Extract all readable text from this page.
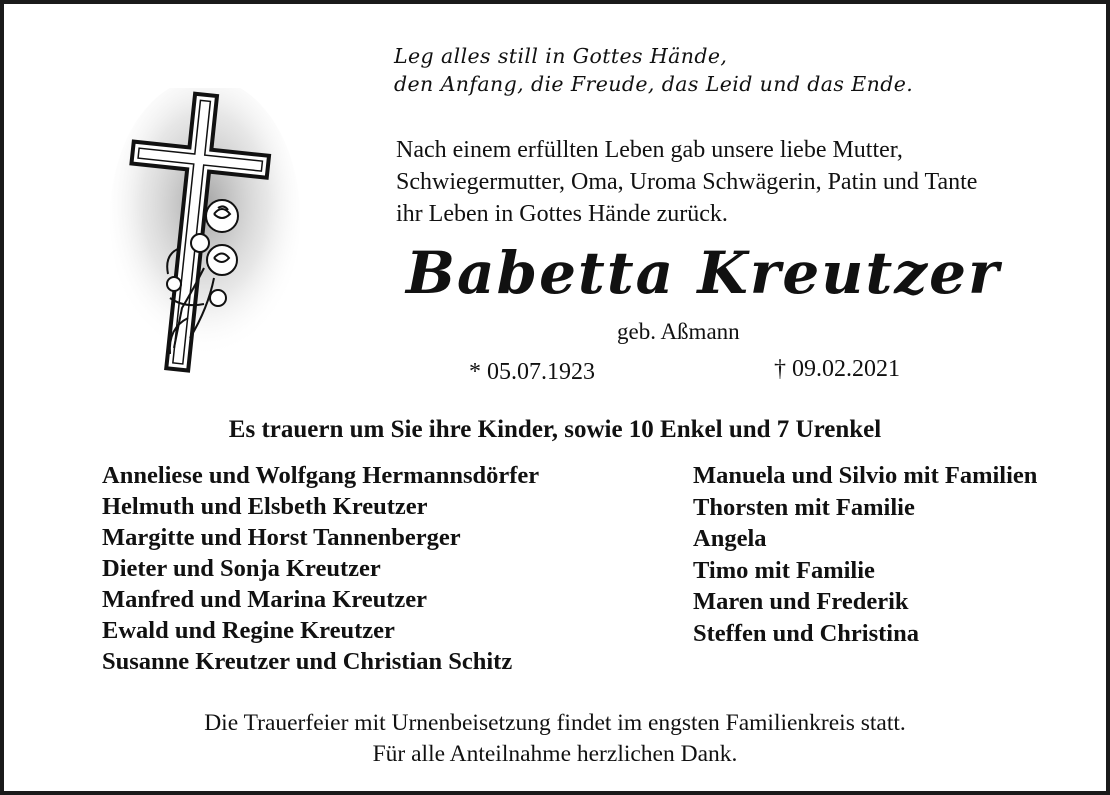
Leg alles still in Gottes Hände,
den Anfang, die Freude, das Leid und das Ende.
Nach einem erfüllten Leben gab unsere liebe Mutter,
Schwiegermutter, Oma, Uroma Schwägerin, Patin und Tante
ihr Leben in Gottes Hände zurück.
Babetta Kreutzer
geb. Aßmann
* 05.07.1923	† 09.02.2021
Es trauern um Sie ihre Kinder, sowie 10 Enkel und 7 Urenkel
Anneliese und Wolfgang Hermannsdörfer
Helmuth und Elsbeth Kreutzer
Margitte und Horst Tannenberger
Dieter und Sonja Kreutzer
Manfred und Marina Kreutzer
Ewald und Regine Kreutzer
Susanne Kreutzer und Christian Schitz
Manuela und Silvio mit Familien
Thorsten mit Familie
Angela
Timo mit Familie
Maren und Frederik
Steffen und Christina
Die Trauerfeier mit Urnenbeisetzung findet im engsten Familienkreis statt.
Für alle Anteilnahme herzlichen Dank.
